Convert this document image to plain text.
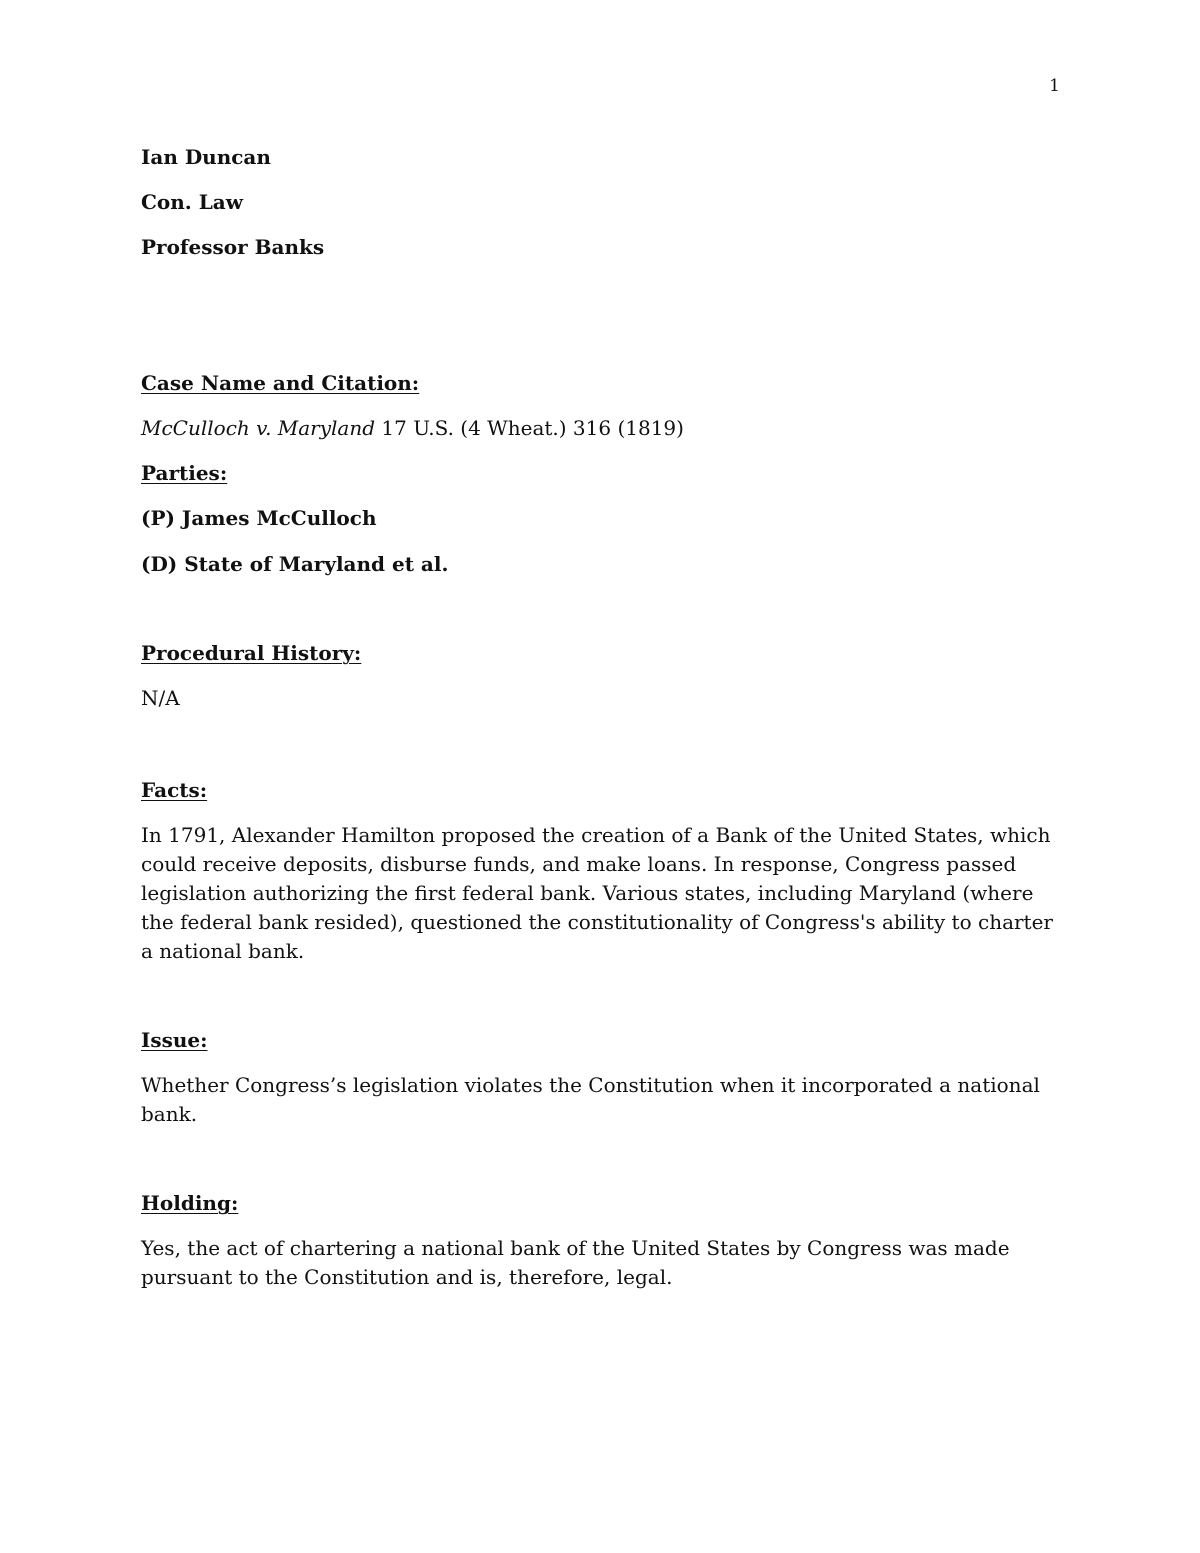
1

Ian Duncan

Con. Law

Professor Banks

Case Name and Citation:

McCulloch v. Maryland 17 U.S. (4 Wheat.) 316 (1819)

Parties:

(P) James McCulloch

(D) State of Maryland et al.

Procedural History:

N/A

Facts:

In 1791, Alexander Hamilton proposed the creation of a Bank of the United States, which could receive deposits, disburse funds, and make loans. In response, Congress passed legislation authorizing the first federal bank. Various states, including Maryland (where the federal bank resided), questioned the constitutionality of Congress's ability to charter a national bank.

Issue:

Whether Congress’s legislation violates the Constitution when it incorporated a national bank.

Holding:

Yes, the act of chartering a national bank of the United States by Congress was made pursuant to the Constitution and is, therefore, legal.
